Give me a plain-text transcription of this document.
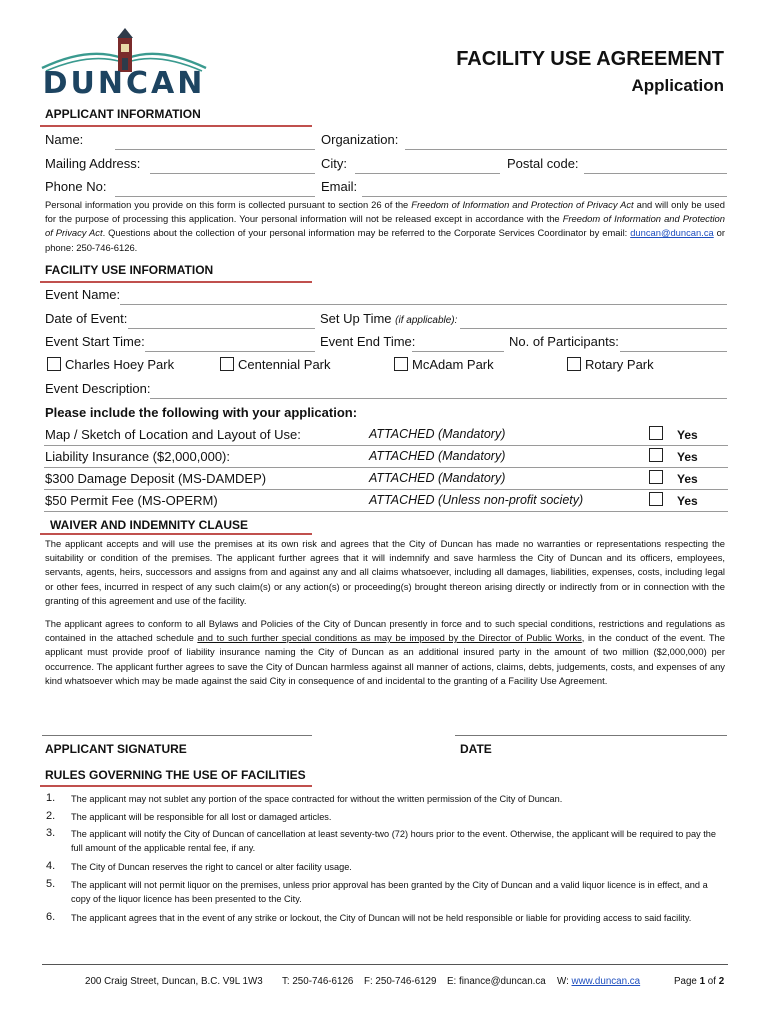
DUNCAN
FACILITY USE AGREEMENT
Application
APPLICANT INFORMATION
Name:	Organization:
Mailing Address:	City:	Postal code:
Phone No:	Email:
Personal information you provide on this form is collected pursuant to section 26 of the Freedom of Information and Protection of Privacy Act and will only be used for the purpose of processing this application. Your personal information will not be released except in accordance with the Freedom of Information and Protection of Privacy Act. Questions about the collection of your personal information may be referred to the Corporate Services Coordinator by email: duncan@duncan.ca or phone: 250-746-6126.
FACILITY USE INFORMATION
Event Name:
Date of Event:	Set Up Time (if applicable):
Event Start Time:	Event End Time:	No. of Participants:
Charles Hoey Park	Centennial Park	McAdam Park	Rotary Park
Event Description:
Please include the following with your application:
Map / Sketch of Location and Layout of Use:	ATTACHED (Mandatory)	Yes
Liability Insurance ($2,000,000):	ATTACHED (Mandatory)	Yes
$300 Damage Deposit (MS-DAMDEP)	ATTACHED (Mandatory)	Yes
$50 Permit Fee (MS-OPERM)	ATTACHED (Unless non-profit society)	Yes
WAIVER AND INDEMNITY CLAUSE
The applicant accepts and will use the premises at its own risk and agrees that the City of Duncan has made no warranties or representations respecting the suitability or condition of the premises. The applicant further agrees that it will indemnify and save harmless the City of Duncan and its officers, employees, servants, agents, heirs, successors and assigns from and against any and all claims whatsoever, including all damages, liabilities, expenses, costs, including legal or other fees, incurred in respect of any such claim(s) or any action(s) or proceeding(s) brought thereon arising directly or indirectly from or in connection with the granting of this agreement and use of the facility.
The applicant agrees to conform to all Bylaws and Policies of the City of Duncan presently in force and to such special conditions, restrictions and regulations as contained in the attached schedule and to such further special conditions as may be imposed by the Director of Public Works, in the conduct of the event. The applicant must provide proof of liability insurance naming the City of Duncan as an additional insured party in the amount of two million ($2,000,000) per occurrence. The applicant further agrees to save the City of Duncan harmless against all manner of actions, claims, debts, judgements, costs, and expenses of any kind whatsoever which may be made against the said City in consequence of and incidental to the granting of a Facility Use Agreement.
APPLICANT SIGNATURE	DATE
RULES GOVERNING THE USE OF FACILITIES
1. The applicant may not sublet any portion of the space contracted for without the written permission of the City of Duncan.
2. The applicant will be responsible for all lost or damaged articles.
3. The applicant will notify the City of Duncan of cancellation at least seventy-two (72) hours prior to the event. Otherwise, the applicant will be required to pay the full amount of the applicable rental fee, if any.
4. The City of Duncan reserves the right to cancel or alter facility usage.
5. The applicant will not permit liquor on the premises, unless prior approval has been granted by the City of Duncan and a valid liquor licence is in effect, and a copy of the liquor licence has been presented to the City.
6. The applicant agrees that in the event of any strike or lockout, the City of Duncan will not be held responsible or liable for providing access to said facility.
200 Craig Street, Duncan, B.C. V9L 1W3 T: 250-746-6126 F: 250-746-6129 E: finance@duncan.ca W: www.duncan.ca	Page 1 of 2
